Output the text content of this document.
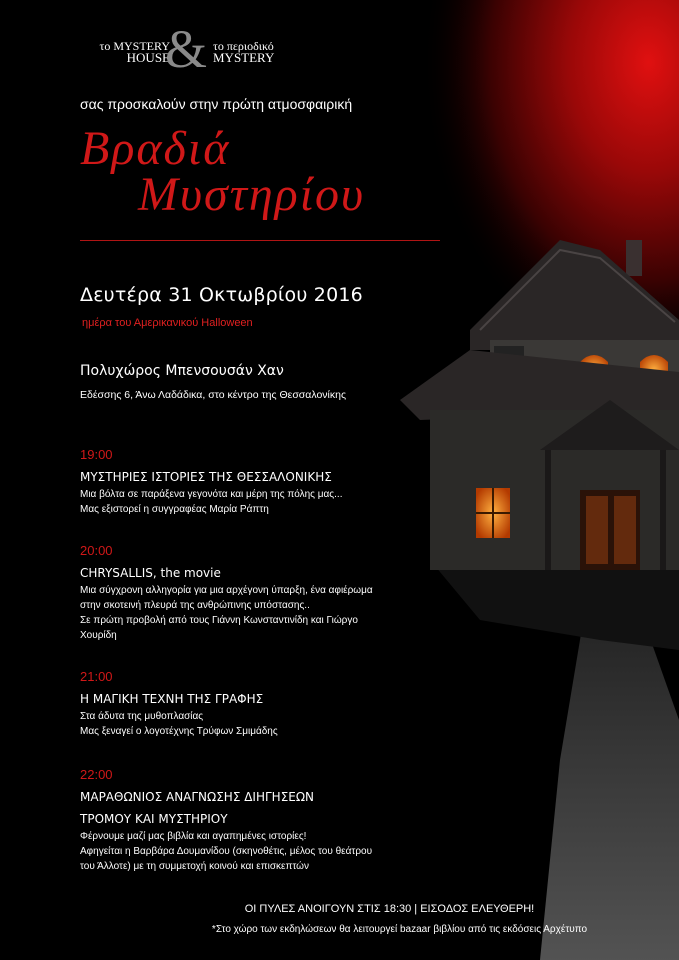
το MYSTERY
HOUSE
& το περιοδικό
MYSTERY
σας προσκαλούν στην πρώτη ατμοσφαιρική
Βραδιά
Μυστηρίου
Δευτέρα 31 Οκτωβρίου 2016
ημέρα του Αμερικανικού Halloween
Πολυχώρος Μπενσουσάν Χαν
Εδέσσης 6, Άνω Λαδάδικα, στο κέντρο της Θεσσαλονίκης
19:00
ΜΥΣΤΗΡΙΕΣ ΙΣΤΟΡΙΕΣ ΤΗΣ ΘΕΣΣΑΛΟΝΙΚΗΣ
Μια βόλτα σε παράξενα γεγονότα και μέρη της πόλης μας...
Μας εξιστορεί η συγγραφέας Μαρία Ράπτη
20:00
CHRYSALLIS, the movie
Μια σύγχρονη αλληγορία για μια αρχέγονη ύπαρξη, ένα αφιέρωμα
στην σκοτεινή πλευρά της ανθρώπινης υπόστασης..
Σε πρώτη προβολή από τους Γιάννη Κωνσταντινίδη και Γιώργο
Χουρίδη
21:00
Η ΜΑΓΙΚΗ ΤΕΧΝΗ ΤΗΣ ΓΡΑΦΗΣ
Στα άδυτα της μυθοπλασίας
Μας ξεναγεί ο λογοτέχνης Τρύφων Σμιμάδης
22:00
ΜΑΡΑΘΩΝΙΟΣ ΑΝΑΓΝΩΣΗΣ ΔΙΗΓΗΣΕΩΝ
ΤΡΟΜΟΥ ΚΑΙ ΜΥΣΤΗΡΙΟΥ
Φέρνουμε μαζί μας βιβλία και αγαπημένες ιστορίες!
Αφηγείται η Βαρβάρα Δουμανίδου (σκηνοθέτις, μέλος του θεάτρου
του Άλλοτε) με τη συμμετοχή κοινού και επισκεπτών
ΟΙ ΠΥΛΕΣ ΑΝΟΙΓΟΥΝ ΣΤΙΣ 18:30 | ΕΙΣΟΔΟΣ ΕΛΕΥΘΕΡΗ!
*Στο χώρο των εκδηλώσεων θα λειτουργεί bazaar βιβλίου από τις εκδόσεις Αρχέτυπο
